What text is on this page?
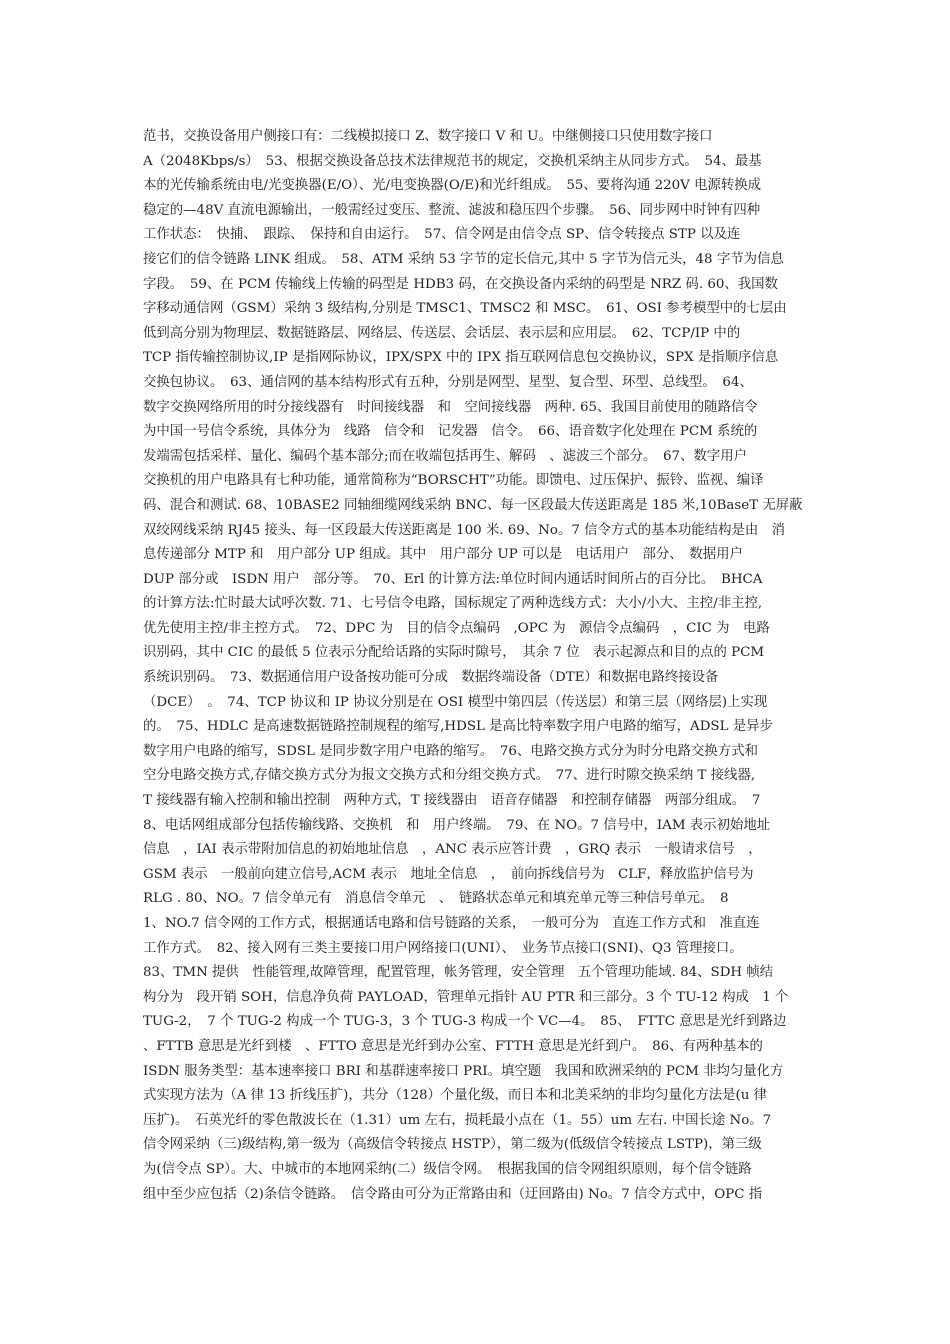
范书，交换设备用户侧接口有：二线模拟接口 Z、数字接口 V 和 U。中继侧接口只使用数字接口
A（2048Kbps/s）　53、根据交换设备总技术法律规范书的规定，交换机采纳主从同步方式。　54、最基
本的光传输系统由电/光变换器(E/O）、光/电变换器(O/E)和光纤组成。　55、要将沟通 220V 电源转换成
稳定的—48V 直流电源输出，一般需经过变压、整流、滤波和稳压四个步骤。　56、同步网中时钟有四种
工作状态：　快捕、　跟踪、　保持和自由运行。　57、信令网是由信令点 SP、信令转接点 STP 以及连
接它们的信令链路 LINK 组成。　58、ATM 采纳 53 字节的定长信元,其中 5 字节为信元头，48 字节为信息
字段。　59、在 PCM 传输线上传输的码型是 HDB3 码，在交换设备内采纳的码型是 NRZ 码. 60、我国数
字移动通信网（GSM）采纳 3 级结构,分别是 TMSC1、TMSC2 和 MSC。　61、OSI 参考模型中的七层由
低到高分别为物理层、数据链路层、网络层、传送层、会话层、表示层和应用层。　62、TCP/IP 中的
TCP 指传输控制协议,IP 是指网际协议，IPX/SPX 中的 IPX 指互联网信息包交换协议，SPX 是指顺序信息
交换包协议。　63、通信网的基本结构形式有五种，分别是网型、星型、复合型、环型、总线型。　64、
数字交换网络所用的时分接线器有　时间接线器　和　空间接线器　两种. 65、我国目前使用的随路信令
为中国一号信令系统，具体分为　线路　信令和　记发器　信令。　66、语音数字化处理在 PCM 系统的
发端需包括采样、量化、编码个基本部分;而在收端包括再生、解码　、滤波三个部分。　67、数字用户
交换机的用户电路具有七种功能，通常简称为“BORSCHT”功能。即馈电、过压保护、振铃、监视、编译
码、混合和测试. 68、10BASE2 同轴细缆网线采纳 BNC、每一区段最大传送距离是 185 米,10BaseT 无屏蔽
双绞网线采纳 RJ45 接头、每一区段最大传送距离是 100 米. 69、No。7 信令方式的基本功能结构是由　消
息传递部分 MTP 和　用户部分 UP 组成。其中　用户部分 UP 可以是　电话用户　部分、　数据用户
DUP 部分或　ISDN 用户　部分等。　70、Erl 的计算方法:单位时间内通话时间所占的百分比。　BHCA
的计算方法:忙时最大试呼次数. 71、七号信令电路，国标规定了两种选线方式：大小/小大、主控/非主控,
优先使用主控/非主控方式。　72、DPC 为　目的信令点编码　,OPC 为　源信令点编码　，CIC 为　电路
识别码，其中 CIC 的最低 5 位表示分配给话路的实际时隙号，　其余 7 位　表示起源点和目的点的 PCM
系统识别码。　73、数据通信用户设备按功能可分成　数据终端设备（DTE）和数据电路终接设备
（DCE）　。　74、TCP 协议和 IP 协议分别是在 OSI 模型中第四层（传送层）和第三层（网络层)上实现
的。　75、HDLC 是高速数据链路控制规程的缩写,HDSL 是高比特率数字用户电路的缩写，ADSL 是异步
数字用户电路的缩写，SDSL 是同步数字用户电路的缩写。　76、电路交换方式分为时分电路交换方式和
空分电路交换方式,存储交换方式分为报文交换方式和分组交换方式。　77、进行时隙交换采纳 T 接线器,
T 接线器有输入控制和输出控制　两种方式，T 接线器由　语音存储器　和控制存储器　两部分组成。　7
8、电话网组成部分包括传输线路、交换机　和　用户终端。　79、在 NO。7 信号中，IAM 表示初始地址
信息　，IAI 表示带附加信息的初始地址信息　，ANC 表示应答计费　，GRQ 表示　一般请求信号　，
GSM 表示　一般前向建立信号,ACM 表示　地址全信息　，　前向拆线信号为　CLF，释放监护信号为
RLG . 80、NO。7 信令单元有　消息信令单元　、　链路状态单元和填充单元等三种信号单元。　8
1、NO.7 信令网的工作方式，根据通话电路和信号链路的关系，　一般可分为　直连工作方式和　准直连
工作方式。　82、接入网有三类主要接口用户网络接口(UNI）、　业务节点接口(SNI)、Q3 管理接口。
83、TMN 提供　性能管理,故障管理，配置管理，帐务管理，安全管理　五个管理功能域. 84、SDH 帧结
构分为　段开销 SOH，信息净负荷 PAYLOAD，管理单元指针 AU PTR 和三部分。3 个 TU-12 构成　1 个
TUG-2，　7 个 TUG-2 构成一个 TUG-3，3 个 TUG-3 构成一个 VC—4。　85、　FTTC 意思是光纤到路边
、FTTB 意思是光纤到楼　、FTTO 意思是光纤到办公室、FTTH 意思是光纤到户。　86、有两种基本的
ISDN 服务类型：基本速率接口 BRI 和基群速率接口 PRI。填空题　我国和欧洲采纳的 PCM 非均匀量化方
式实现方法为（A 律 13 折线压扩)，共分（128）个量化级，而日本和北美采纳的非均匀量化方法是(u 律
压扩)。　石英光纤的零色散波长在（1.31）um 左右，损耗最小点在（1。55）um 左右. 中国长途 No。7
信令网采纳（三)级结构,第一级为（高级信令转接点 HSTP），第二级为(低级信令转接点 LSTP)，第三级
为(信令点 SP）。大、中城市的本地网采纳(二）级信令网。　根据我国的信令网组织原则，每个信令链路
组中至少应包括（2)条信令链路。　信令路由可分为正常路由和（迂回路由) No。7 信令方式中，OPC 指
